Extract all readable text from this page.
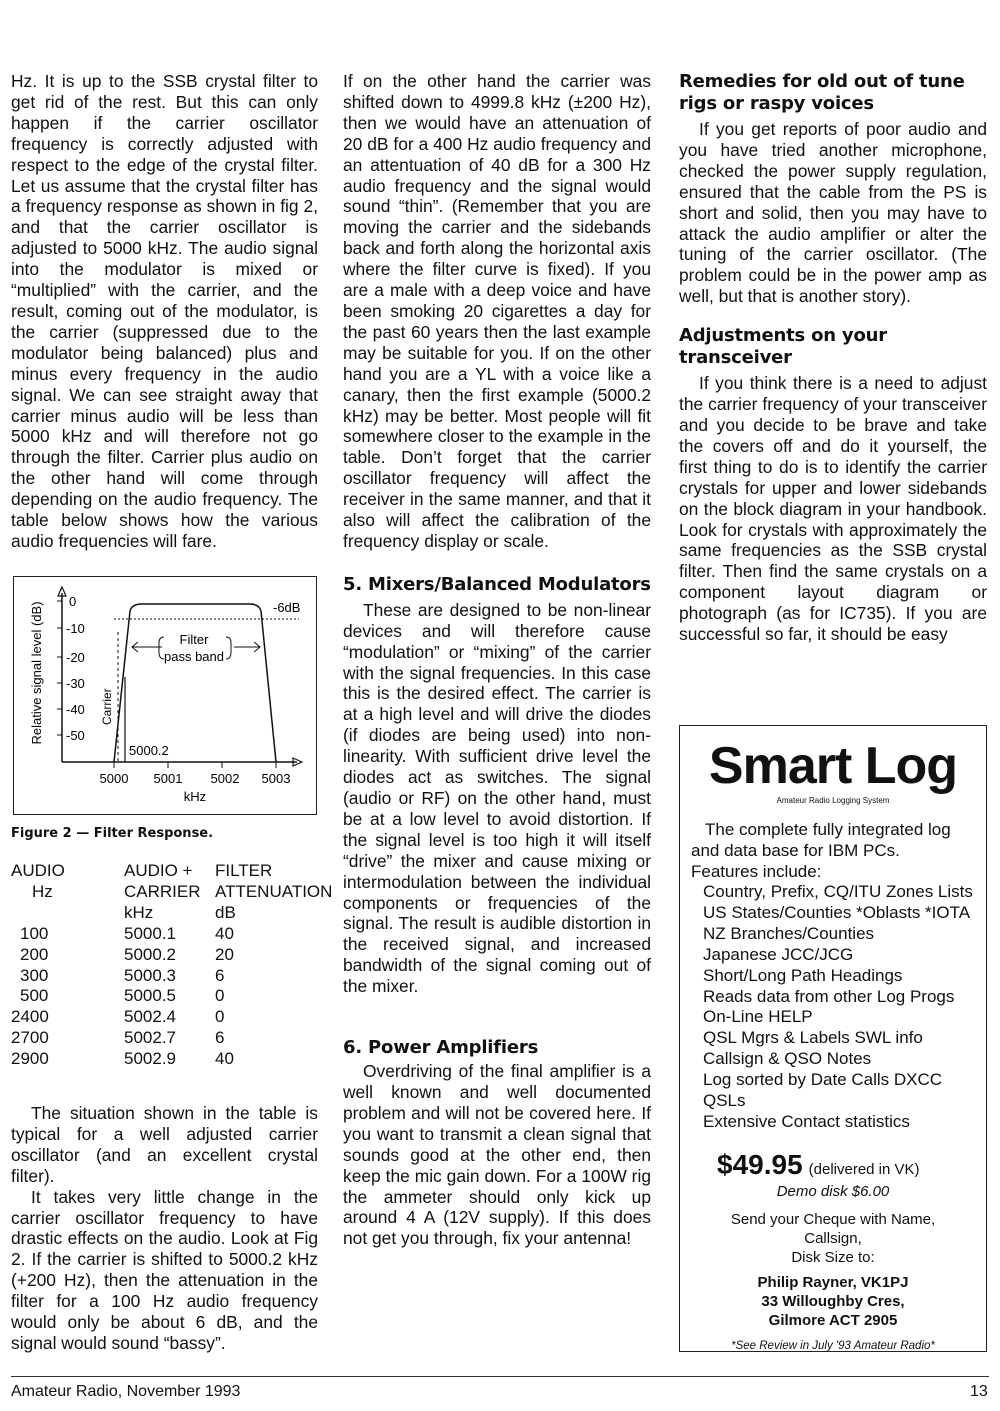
Hz. It is up to the SSB crystal filter to get rid of the rest. But this can only happen if the carrier oscillator frequency is correctly adjusted with respect to the edge of the crystal filter. Let us assume that the crystal filter has a frequency response as shown in fig 2, and that the carrier oscillator is adjusted to 5000 kHz. The audio signal into the modulator is mixed or “multiplied” with the carrier, and the result, coming out of the modulator, is the carrier (suppressed due to the modulator being balanced) plus and minus every frequency in the audio signal. We can see straight away that carrier minus audio will be less than 5000 kHz and will therefore not go through the filter. Carrier plus audio on the other hand will come through depending on the audio frequency. The table below shows how the various audio frequencies will fare.

0
-10
-20
-30
-40
-50
Relative signal level (dB)	-6dB
Filter
pass band
Carrier
5000.2
5000 5001 5002 5003
kHz
Figure 2 — Filter Response.
AUDIO	AUDIO +	FILTER
Hz	CARRIER	ATTENUATION
	kHz	dB
100	5000.1	40
200	5000.2	20
300	5000.3	6
500	5000.5	0
2400	5002.4	0
2700	5002.7	6
2900	5002.9	40

The situation shown in the table is typical for a well adjusted carrier oscillator (and an excellent crystal filter).

It takes very little change in the carrier oscillator frequency to have drastic effects on the audio. Look at Fig 2. If the carrier is shifted to 5000.2 kHz (+200 Hz), then the attenuation in the filter for a 100 Hz audio frequency would only be about 6 dB, and the signal would sound “bassy”.

If on the other hand the carrier was shifted down to 4999.8 kHz (±200 Hz), then we would have an attenuation of 20 dB for a 400 Hz audio frequency and an attentuation of 40 dB for a 300 Hz audio frequency and the signal would sound “thin”. (Remember that you are moving the carrier and the sidebands back and forth along the horizontal axis where the filter curve is fixed). If you are a male with a deep voice and have been smoking 20 cigarettes a day for the past 60 years then the last example may be suitable for you. If on the other hand you are a YL with a voice like a canary, then the first example (5000.2 kHz) may be better. Most people will fit somewhere closer to the example in the table. Don’t forget that the carrier oscillator frequency will affect the receiver in the same manner, and that it also will affect the calibration of the frequency display or scale.

5. Mixers/Balanced Modulators

These are designed to be non-linear devices and will therefore cause “modulation” or “mixing” of the carrier with the signal frequencies. In this case this is the desired effect. The carrier is at a high level and will drive the diodes (if diodes are being used) into non-linearity. With sufficient drive level the diodes act as switches. The signal (audio or RF) on the other hand, must be at a low level to avoid distortion. If the signal level is too high it will itself “drive” the mixer and cause mixing or intermodulation between the individual components or frequencies of the signal. The result is audible distortion in the received signal, and increased bandwidth of the signal coming out of the mixer.

6. Power Amplifiers

Overdriving of the final amplifier is a well known and well documented problem and will not be covered here. If you want to transmit a clean signal that sounds good at the other end, then keep the mic gain down. For a 100W rig the ammeter should only kick up around 4 A (12V supply). If this does not get you through, fix your antenna!

Remedies for old out of tune rigs or raspy voices

If you get reports of poor audio and you have tried another microphone, checked the power supply regulation, ensured that the cable from the PS is short and solid, then you may have to attack the audio amplifier or alter the tuning of the carrier oscillator. (The problem could be in the power amp as well, but that is another story).

Adjustments on your transceiver

If you think there is a need to adjust the carrier frequency of your transceiver and you decide to be brave and take the covers off and do it yourself, the first thing to do is to identify the carrier crystals for upper and lower sidebands on the block diagram in your handbook. Look for crystals with approximately the same frequencies as the SSB crystal filter. Then find the same crystals on a component layout diagram or photograph (as for IC735). If you are successful so far, it should be easy

Smart Log
Amateur Radio Logging System
The complete fully integrated log
and data base for IBM PCs.
Features include:
Country, Prefix, CQ/ITU Zones Lists
US States/Counties *Oblasts *IOTA
NZ Branches/Counties
Japanese JCC/JCG
Short/Long Path Headings
Reads data from other Log Progs
On-Line HELP
QSL Mgrs & Labels SWL info
Callsign & QSO Notes
Log sorted by Date Calls DXCC
QSLs
Extensive Contact statistics
$49.95 (delivered in VK)
Demo disk $6.00
Send your Cheque with Name,
Callsign,
Disk Size to:
Philip Rayner, VK1PJ
33 Willoughby Cres,
Gilmore ACT 2905
*See Review in July '93 Amateur Radio*
Amateur Radio, November 1993	13
